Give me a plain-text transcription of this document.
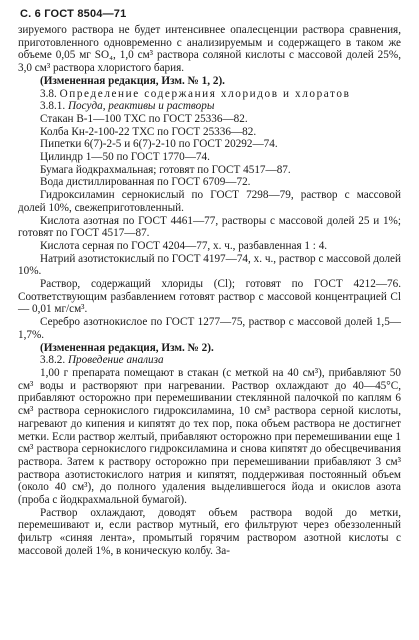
С. 6 ГОСТ 8504—71

зируемого раствора не будет интенсивнее опалесценции раствора сравнения, приготовленного одновременно с анализируемым и содержащего в таком же объеме 0,05 мг SO₄, 1,0 см³ раствора соляной кислоты с массовой долей 25%, 3,0 см³ раствора хлористого бария.

(Измененная редакция, Изм. № 1, 2).

3.8. Определение содержания хлоридов и хлоратов

3.8.1. Посуда, реактивы и растворы

Стакан В-1—100 ТХС по ГОСТ 25336—82.

Колба Кн-2-100-22 ТХС по ГОСТ 25336—82.

Пипетки 6(7)-2-5 и 6(7)-2-10 по ГОСТ 20292—74.

Цилиндр 1—50 по ГОСТ 1770—74.

Бумага йодкрахмальная; готовят по ГОСТ 4517—87.

Вода дистиллированная по ГОСТ 6709—72.

Гидроксиламин сернокислый по ГОСТ 7298—79, раствор с массовой долей 10%, свежеприготовленный.

Кислота азотная по ГОСТ 4461—77, растворы с массовой долей 25 и 1%; готовят по ГОСТ 4517—87.

Кислота серная по ГОСТ 4204—77, х. ч., разбавленная 1 : 4.

Натрий азотистокислый по ГОСТ 4197—74, х. ч., раствор с массовой долей 10%.

Раствор, содержащий хлориды (Cl); готовят по ГОСТ 4212—76. Соответствующим разбавлением готовят раствор с массовой концентрацией Cl — 0,01 мг/см³.

Серебро азотнокислое по ГОСТ 1277—75, раствор с массовой долей 1,5—1,7%.

(Измененная редакция, Изм. № 2).

3.8.2. Проведение анализа

1,00 г препарата помещают в стакан (с меткой на 40 см³), прибавляют 50 см³ воды и растворяют при нагревании. Раствор охлаждают до 40—45°С, прибавляют осторожно при перемешивании стеклянной палочкой по каплям 6 см³ раствора сернокислого гидроксиламина, 10 см³ раствора серной кислоты, нагревают до кипения и кипятят до тех пор, пока объем раствора не достигнет метки. Если раствор желтый, прибавляют осторожно при перемешивании еще 1 см³ раствора сернокислого гидроксиламина и снова кипятят до обесцвечивания раствора. Затем к раствору осторожно при перемешивании прибавляют 3 см³ раствора азотистокислого натрия и кипятят, поддерживая постоянный объем (около 40 см³), до полного удаления выделившегося йода и окислов азота (проба с йодкрахмальной бумагой).

Раствор охлаждают, доводят объем раствора водой до метки, перемешивают и, если раствор мутный, его фильтруют через обеззоленный фильтр «синяя лента», промытый горячим раствором азотной кислоты с массовой долей 1%, в коническую колбу. За-
